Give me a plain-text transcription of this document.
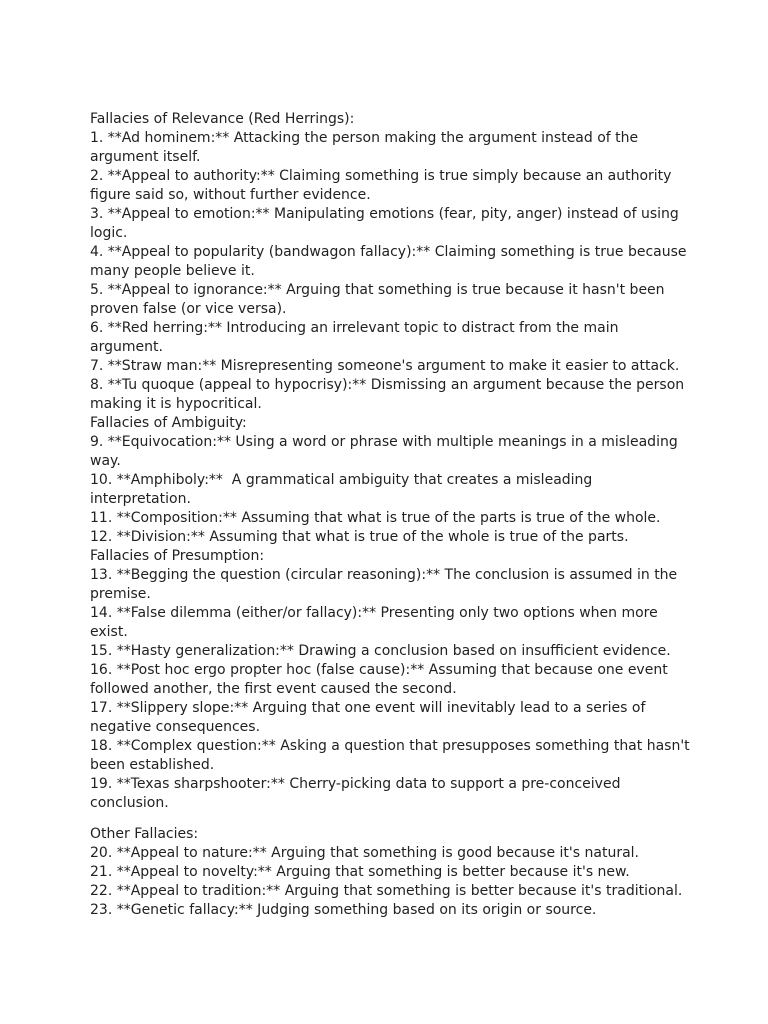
Fallacies of Relevance (Red Herrings):

1. **Ad hominem:** Attacking the person making the argument instead of the argument itself.

2. **Appeal to authority:** Claiming something is true simply because an authority figure said so, without further evidence.

3. **Appeal to emotion:** Manipulating emotions (fear, pity, anger) instead of using logic.

4. **Appeal to popularity (bandwagon fallacy):** Claiming something is true because many people believe it.

5. **Appeal to ignorance:** Arguing that something is true because it hasn't been proven false (or vice versa).

6. **Red herring:** Introducing an irrelevant topic to distract from the main argument.

7. **Straw man:** Misrepresenting someone's argument to make it easier to attack.

8. **Tu quoque (appeal to hypocrisy):** Dismissing an argument because the person making it is hypocritical.

Fallacies of Ambiguity:

9. **Equivocation:** Using a word or phrase with multiple meanings in a misleading way.

10. **Amphiboly:**  A grammatical ambiguity that creates a misleading interpretation.

11. **Composition:** Assuming that what is true of the parts is true of the whole.

12. **Division:** Assuming that what is true of the whole is true of the parts.

Fallacies of Presumption:

13. **Begging the question (circular reasoning):** The conclusion is assumed in the premise.

14. **False dilemma (either/or fallacy):** Presenting only two options when more exist.

15. **Hasty generalization:** Drawing a conclusion based on insufficient evidence.

16. **Post hoc ergo propter hoc (false cause):** Assuming that because one event followed another, the first event caused the second.

17. **Slippery slope:** Arguing that one event will inevitably lead to a series of negative consequences.

18. **Complex question:** Asking a question that presupposes something that hasn't been established.

19. **Texas sharpshooter:** Cherry-picking data to support a pre-conceived conclusion.

Other Fallacies:

20. **Appeal to nature:** Arguing that something is good because it's natural.

21. **Appeal to novelty:** Arguing that something is better because it's new.

22. **Appeal to tradition:** Arguing that something is better because it's traditional.

23. **Genetic fallacy:** Judging something based on its origin or source.
